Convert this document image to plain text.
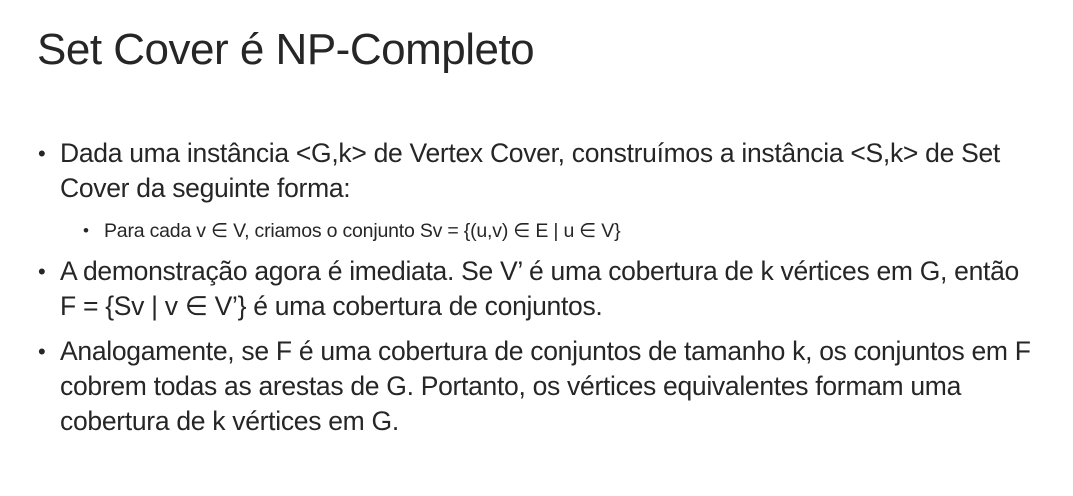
Set Cover é NP-Completo
• Dada uma instância <G,k> de Vertex Cover, construímos a instância <S,k> de Set Cover da seguinte forma:
• Para cada v ∈ V, criamos o conjunto Sv = {(u,v) ∈ E | u ∈ V}
• A demonstração agora é imediata. Se V’ é uma cobertura de k vértices em G, então F = {Sv | v ∈ V’} é uma cobertura de conjuntos.
• Analogamente, se F é uma cobertura de conjuntos de tamanho k, os conjuntos em F cobrem todas as arestas de G. Portanto, os vértices equivalentes formam uma cobertura de k vértices em G.
